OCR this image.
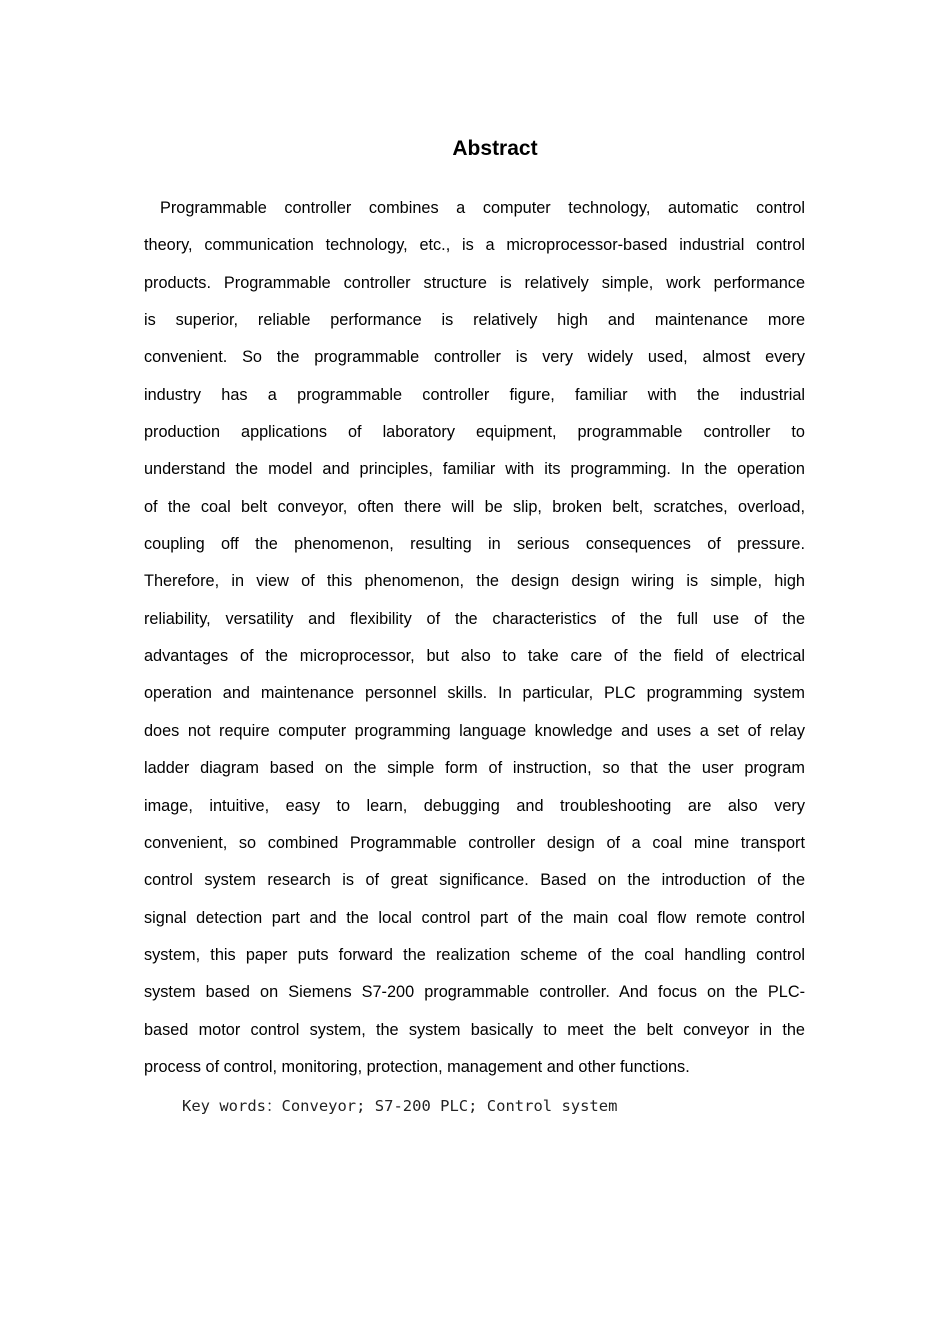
Abstract
Programmable controller combines a computer technology, automatic control
theory, communication technology, etc., is a microprocessor-based industrial control
products. Programmable controller structure is relatively simple, work performance
is superior, reliable performance is relatively high and maintenance more
convenient. So the programmable controller is very widely used, almost every
industry has a programmable controller figure, familiar with the industrial
production applications of laboratory equipment, programmable controller to
understand the model and principles, familiar with its programming. In the operation
of the coal belt conveyor, often there will be slip, broken belt, scratches, overload,
coupling off the phenomenon, resulting in serious consequences of pressure.
Therefore, in view of this phenomenon, the design design wiring is simple, high
reliability, versatility and flexibility of the characteristics of the full use of the
advantages of the microprocessor, but also to take care of the field of electrical
operation and maintenance personnel skills. In particular, PLC programming system
does not require computer programming language knowledge and uses a set of relay
ladder diagram based on the simple form of instruction, so that the user program
image, intuitive, easy to learn, debugging and troubleshooting are also very
convenient, so combined Programmable controller design of a coal mine transport
control system research is of great significance. Based on the introduction of the
signal detection part and the local control part of the main coal flow remote control
system, this paper puts forward the realization scheme of the coal handling control
system based on Siemens S7-200 programmable controller. And focus on the PLC-
based motor control system, the system basically to meet the belt conveyor in the
process of control, monitoring, protection, management and other functions.
Key words：Conveyor; S7-200 PLC; Control system
